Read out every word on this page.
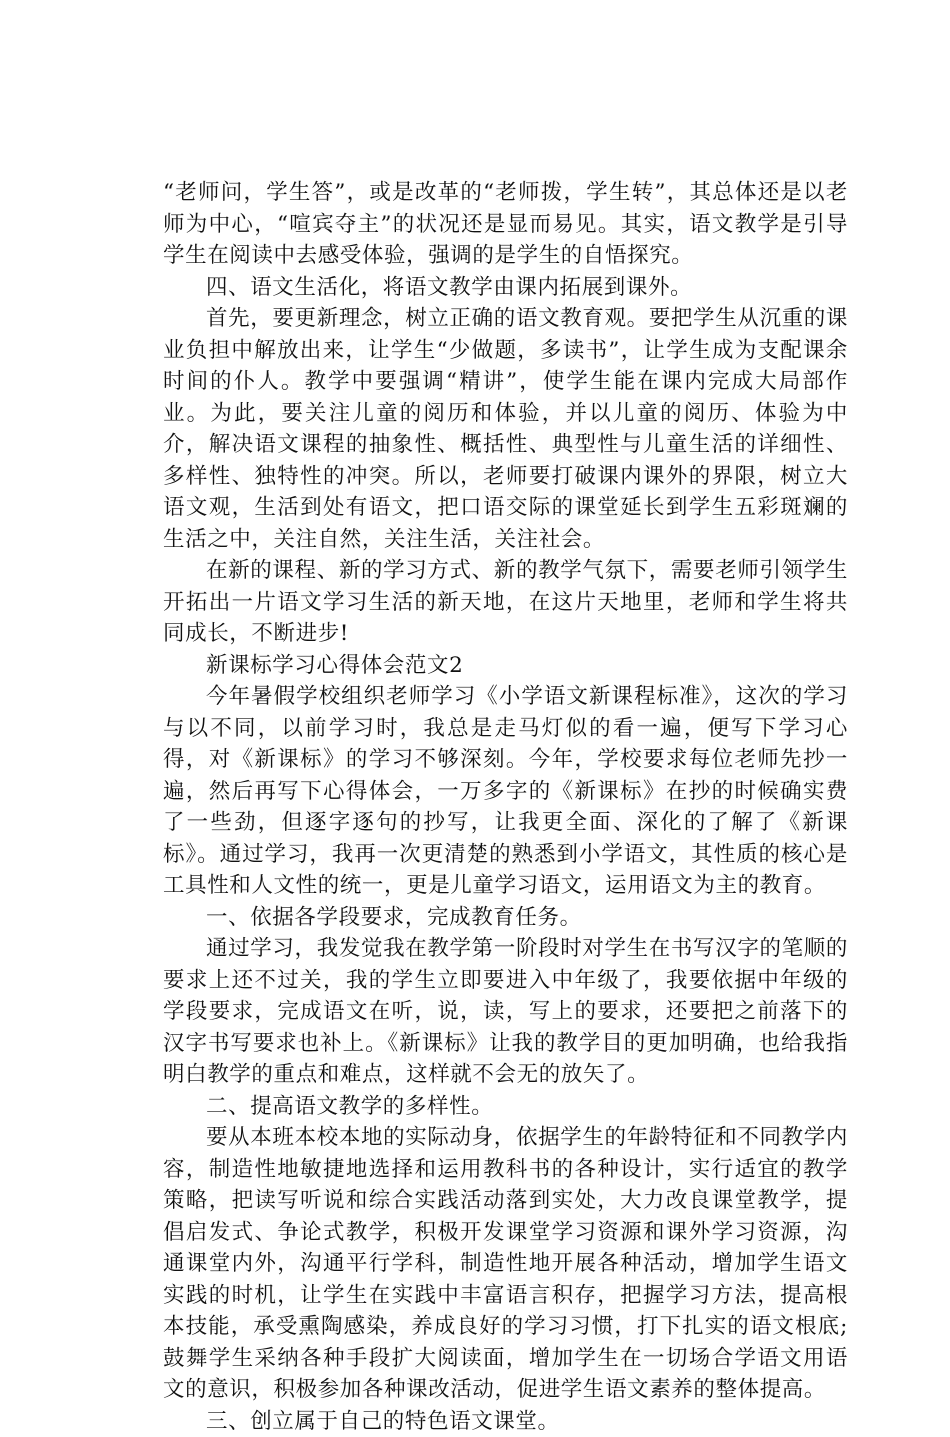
“老师问，学生答”，或是改革的“老师拨，学生转”，其总体还是以老师为中心，“喧宾夺主”的状况还是显而易见。其实，语文教学是引导学生在阅读中去感受体验，强调的是学生的自悟探究。

四、语文生活化，将语文教学由课内拓展到课外。

首先，要更新理念，树立正确的语文教育观。要把学生从沉重的课业负担中解放出来，让学生“少做题，多读书”，让学生成为支配课余时间的仆人。教学中要强调“精讲”，使学生能在课内完成大局部作业。为此，要关注儿童的阅历和体验，并以儿童的阅历、体验为中介，解决语文课程的抽象性、概括性、典型性与儿童生活的详细性、多样性、独特性的冲突。所以，老师要打破课内课外的界限，树立大语文观，生活到处有语文，把口语交际的课堂延长到学生五彩斑斓的生活之中，关注自然，关注生活，关注社会。

在新的课程、新的学习方式、新的教学气氛下，需要老师引领学生开拓出一片语文学习生活的新天地，在这片天地里，老师和学生将共同成长，不断进步!

新课标学习心得体会范文2

今年暑假学校组织老师学习《小学语文新课程标准》，这次的学习与以不同，以前学习时，我总是走马灯似的看一遍，便写下学习心得，对《新课标》的学习不够深刻。今年，学校要求每位老师先抄一遍，然后再写下心得体会，一万多字的《新课标》在抄的时候确实费了一些劲，但逐字逐句的抄写，让我更全面、深化的了解了《新课标》。通过学习，我再一次更清楚的熟悉到小学语文，其性质的核心是工具性和人文性的统一，更是儿童学习语文，运用语文为主的教育。

一、依据各学段要求，完成教育任务。

通过学习，我发觉我在教学第一阶段时对学生在书写汉字的笔顺的要求上还不过关，我的学生立即要进入中年级了，我要依据中年级的学段要求，完成语文在听，说，读，写上的要求，还要把之前落下的汉字书写要求也补上。《新课标》让我的教学目的更加明确，也给我指明白教学的重点和难点，这样就不会无的放矢了。

二、提高语文教学的多样性。

要从本班本校本地的实际动身，依据学生的年龄特征和不同教学内容，制造性地敏捷地选择和运用教科书的各种设计，实行适宜的教学策略，把读写听说和综合实践活动落到实处，大力改良课堂教学，提倡启发式、争论式教学，积极开发课堂学习资源和课外学习资源，沟通课堂内外，沟通平行学科，制造性地开展各种活动，增加学生语文实践的时机，让学生在实践中丰富语言积存，把握学习方法，提高根本技能，承受熏陶感染，养成良好的学习习惯，打下扎实的语文根底;鼓舞学生采纳各种手段扩大阅读面，增加学生在一切场合学语文用语文的意识，积极参加各种课改活动，促进学生语文素养的整体提高。

三、创立属于自己的特色语文课堂。
